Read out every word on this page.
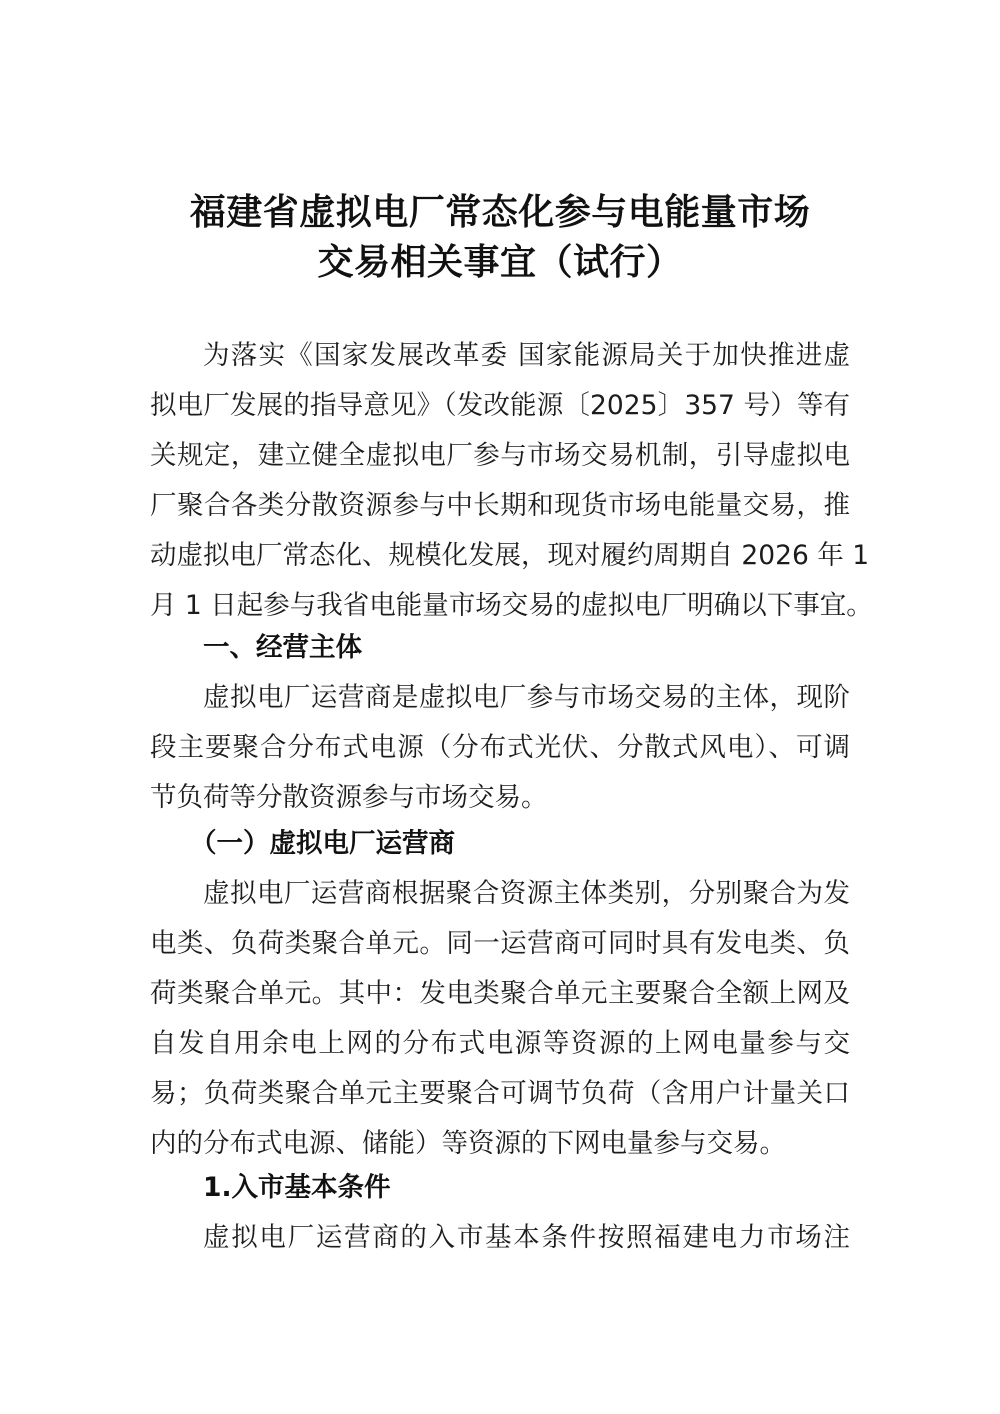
福建省虚拟电厂常态化参与电能量市场
交易相关事宜（试行）
为落实《国家发展改革委 国家能源局关于加快推进虚
拟电厂发展的指导意见》（发改能源〔2025〕357 号）等有
关规定，建立健全虚拟电厂参与市场交易机制，引导虚拟电
厂聚合各类分散资源参与中长期和现货市场电能量交易，推
动虚拟电厂常态化、规模化发展，现对履约周期自 2026 年 1
月 1 日起参与我省电能量市场交易的虚拟电厂明确以下事宜。
一、经营主体
虚拟电厂运营商是虚拟电厂参与市场交易的主体，现阶
段主要聚合分布式电源（分布式光伏、分散式风电）、可调
节负荷等分散资源参与市场交易。
（一）虚拟电厂运营商
虚拟电厂运营商根据聚合资源主体类别，分别聚合为发
电类、负荷类聚合单元。同一运营商可同时具有发电类、负
荷类聚合单元。其中：发电类聚合单元主要聚合全额上网及
自发自用余电上网的分布式电源等资源的上网电量参与交
易；负荷类聚合单元主要聚合可调节负荷（含用户计量关口
内的分布式电源、储能）等资源的下网电量参与交易。
1.入市基本条件
虚拟电厂运营商的入市基本条件按照福建电力市场注
